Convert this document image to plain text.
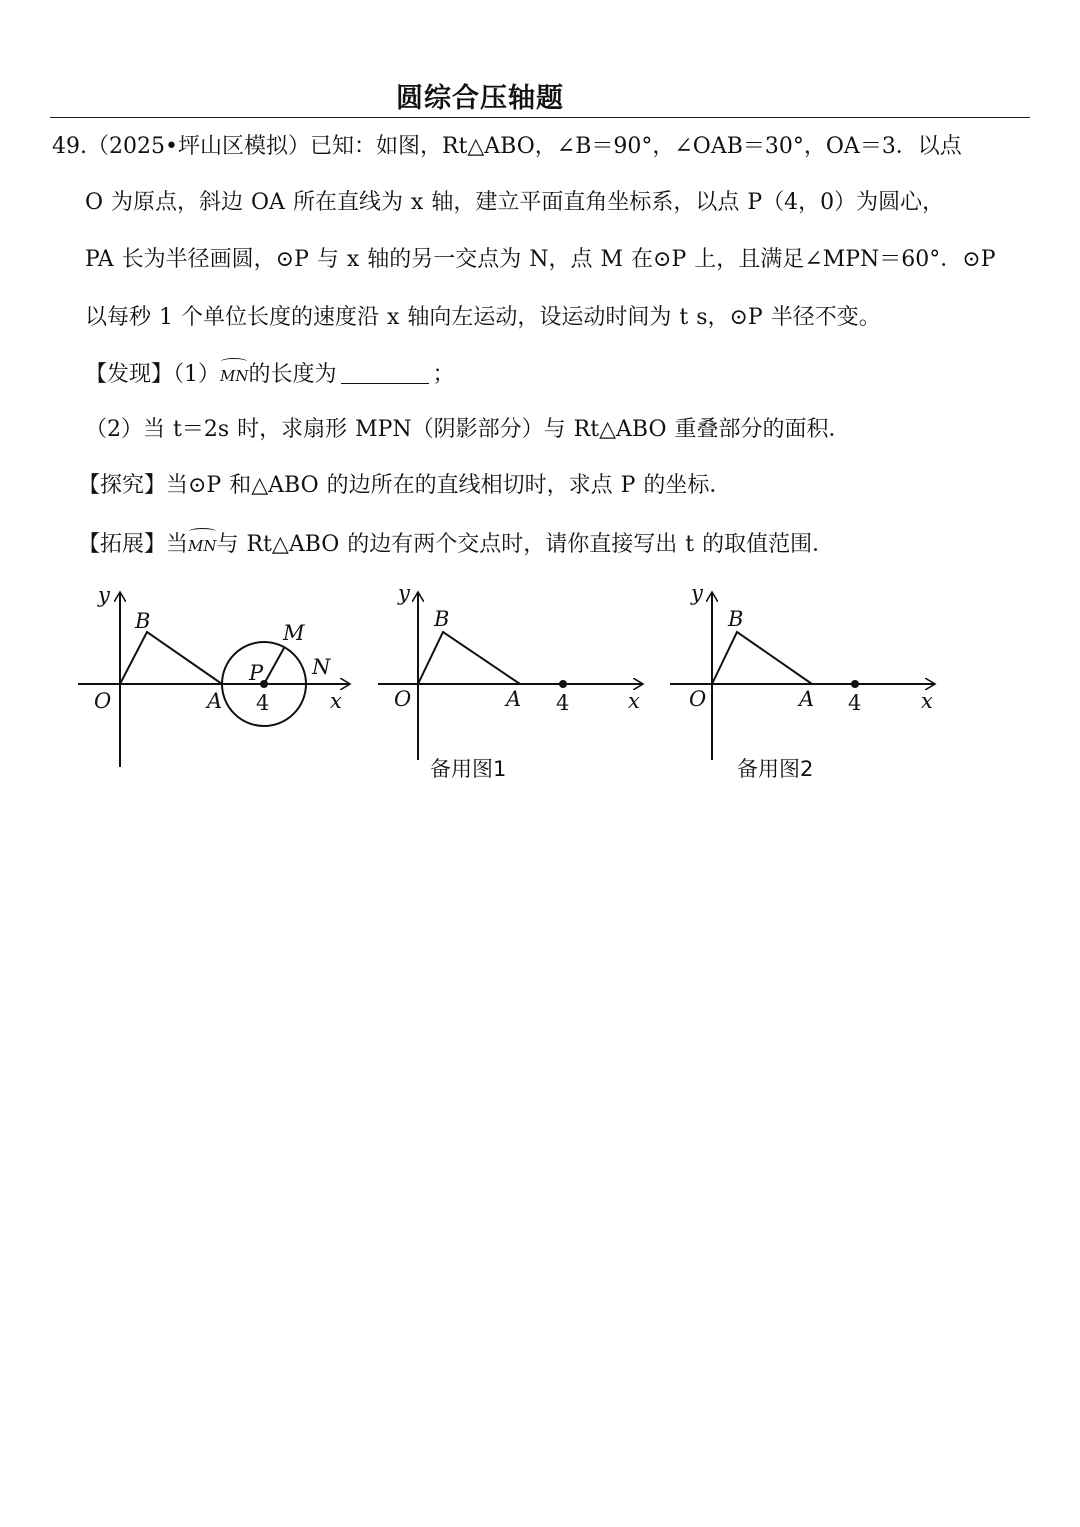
圆综合压轴题
49.（2025•坪山区模拟）已知：如图，Rt△ABO，∠B＝90°，∠OAB＝30°，OA＝3．以点
O 为原点，斜边 OA 所在直线为 x 轴，建立平面直角坐标系，以点 P（4，0）为圆心，
PA 长为半径画圆，⊙P 与 x 轴的另一交点为 N，点 M 在⊙P 上，且满足∠MPN＝60°．⊙P
以每秒 1 个单位长度的速度沿 x 轴向左运动，设运动时间为 t s，⊙P 半径不变。
【发现】（1）MN的长度为	；
（2）当 t＝2s 时，求扇形 MPN（阴影部分）与 Rt△ABO 重叠部分的面积．
【探究】当⊙P 和△ABO 的边所在的直线相切时，求点 P 的坐标．
【拓展】当MN与 Rt△ABO 的边有两个交点时，请你直接写出 t 的取值范围．
y
x
O
B
A
P
M
N
4
y
x
O
B
A 4
备用图1
y
x
O
B
A 4
备用图2
